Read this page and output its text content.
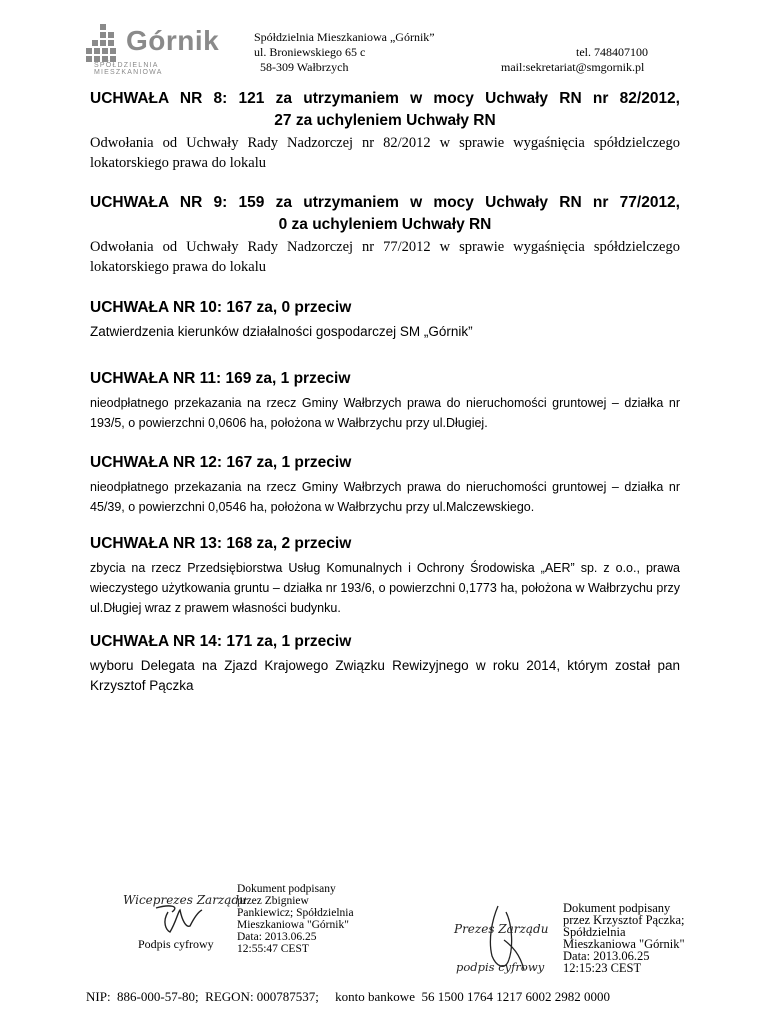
Górnik
SPÓŁDZIELNIA MIESZKANIOWA
Spółdzielnia Mieszkaniowa „Górnik”
ul. Broniewskiego 65 c
58-309 Wałbrzych
tel. 748407100
mail:sekretariat@smgornik.pl
UCHWAŁA NR 8: 121 za utrzymaniem w mocy Uchwały RN nr 82/2012,
27 za uchyleniem Uchwały RN
Odwołania od Uchwały Rady Nadzorczej nr 82/2012 w sprawie wygaśnięcia spółdzielczego lokatorskiego prawa do lokalu
UCHWAŁA NR 9: 159 za utrzymaniem w mocy Uchwały RN nr 77/2012,
0 za uchyleniem Uchwały RN
Odwołania od Uchwały Rady Nadzorczej nr 77/2012 w sprawie wygaśnięcia spółdzielczego lokatorskiego prawa do lokalu
UCHWAŁA NR 10: 167 za, 0 przeciw
Zatwierdzenia kierunków działalności gospodarczej SM „Górnik”
UCHWAŁA NR 11: 169 za, 1 przeciw
nieodpłatnego przekazania na rzecz Gminy Wałbrzych prawa do nieruchomości gruntowej – działka nr 193/5, o powierzchni 0,0606 ha, położona w Wałbrzychu przy ul.Długiej.
UCHWAŁA NR 12: 167 za, 1 przeciw
nieodpłatnego przekazania na rzecz Gminy Wałbrzych prawa do nieruchomości gruntowej – działka nr 45/39, o powierzchni 0,0546 ha, położona w Wałbrzychu przy ul.Malczewskiego.
UCHWAŁA NR 13: 168 za, 2 przeciw
zbycia na rzecz Przedsiębiorstwa Usług Komunalnych i Ochrony Środowiska „AER” sp. z o.o., prawa wieczystego użytkowania gruntu – działka nr 193/6, o powierzchni 0,1773 ha, położona w Wałbrzychu przy ul.Długiej wraz z prawem własności budynku.
UCHWAŁA NR 14: 171 za, 1 przeciw
wyboru Delegata na Zjazd Krajowego Związku Rewizyjnego w roku 2014, którym został pan Krzysztof Pączka
Wiceprezes Zarządu
Podpis cyfrowy
Dokument podpisany
przez Zbigniew
Pankiewicz; Spółdzielnia
Mieszkaniowa "Górnik"
Data: 2013.06.25
12:55:47 CEST
Prezes Zarządu
podpis cyfrowy
Dokument podpisany
przez Krzysztof Pączka;
Spółdzielnia
Mieszkaniowa "Górnik"
Data: 2013.06.25
12:15:23 CEST
NIP:  886-000-57-80; REGON: 000787537; konto bankowe  56 1500 1764 1217 6002 2982 0000
